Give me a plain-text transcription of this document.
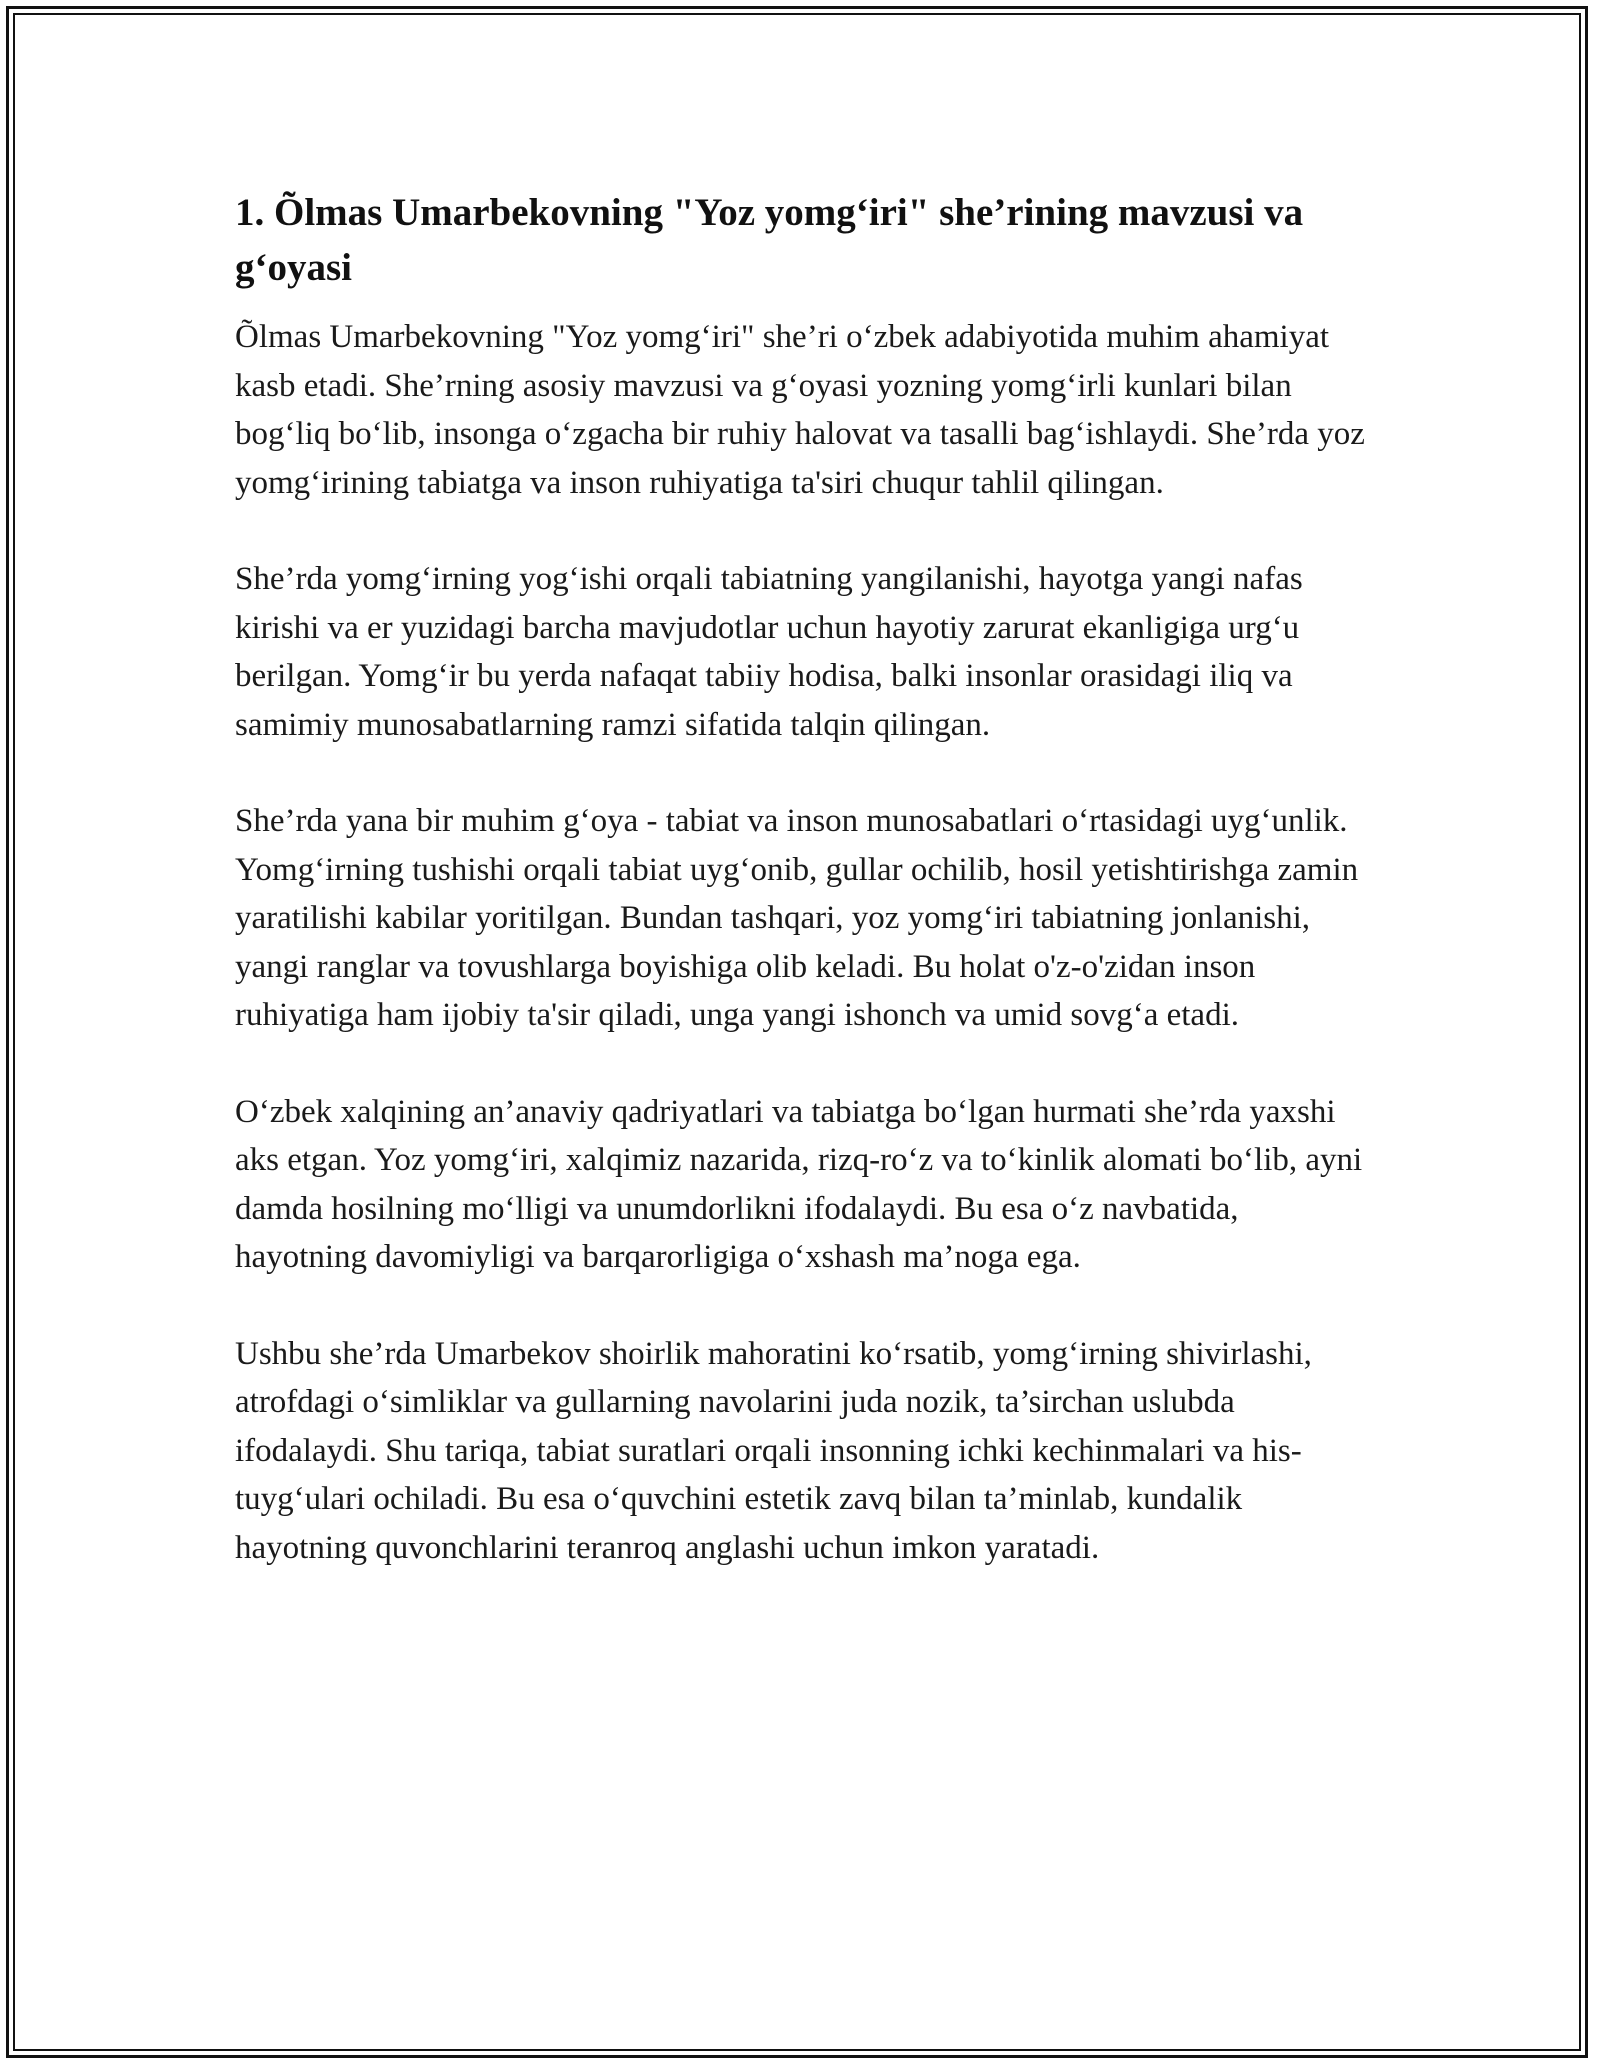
1. Õlmas Umarbekovning "Yoz yomg‘iri" she’rining mavzusi va g‘oyasi

Õlmas Umarbekovning "Yoz yomg‘iri" she’ri o‘zbek adabiyotida muhim ahamiyat kasb etadi. She’rning asosiy mavzusi va g‘oyasi yozning yomg‘irli kunlari bilan bog‘liq bo‘lib, insonga o‘zgacha bir ruhiy halovat va tasalli bag‘ishlaydi. She’rda yoz yomg‘irining tabiatga va inson ruhiyatiga ta'siri chuqur tahlil qilingan.

She’rda yomg‘irning yog‘ishi orqali tabiatning yangilanishi, hayotga yangi nafas kirishi va er yuzidagi barcha mavjudotlar uchun hayotiy zarurat ekanligiga urg‘u berilgan. Yomg‘ir bu yerda nafaqat tabiiy hodisa, balki insonlar orasidagi iliq va samimiy munosabatlarning ramzi sifatida talqin qilingan.

She’rda yana bir muhim g‘oya - tabiat va inson munosabatlari o‘rtasidagi uyg‘unlik. Yomg‘irning tushishi orqali tabiat uyg‘onib, gullar ochilib, hosil yetishtirishga zamin yaratilishi kabilar yoritilgan. Bundan tashqari, yoz yomg‘iri tabiatning jonlanishi, yangi ranglar va tovushlarga boyishiga olib keladi. Bu holat o'z-o'zidan inson ruhiyatiga ham ijobiy ta'sir qiladi, unga yangi ishonch va umid sovg‘a etadi.

O‘zbek xalqining an’anaviy qadriyatlari va tabiatga bo‘lgan hurmati she’rda yaxshi aks etgan. Yoz yomg‘iri, xalqimiz nazarida, rizq-ro‘z va to‘kinlik alomati bo‘lib, ayni damda hosilning mo‘lligi va unumdorlikni ifodalaydi. Bu esa o‘z navbatida, hayotning davomiyligi va barqarorligiga o‘xshash ma’noga ega.

Ushbu she’rda Umarbekov shoirlik mahoratini ko‘rsatib, yomg‘irning shivirlashi, atrofdagi o‘simliklar va gullarning navolarini juda nozik, ta’sirchan uslubda ifodalaydi. Shu tariqa, tabiat suratlari orqali insonning ichki kechinmalari va his-tuyg‘ulari ochiladi. Bu esa o‘quvchini estetik zavq bilan ta’minlab, kundalik hayotning quvonchlarini teranroq anglashi uchun imkon yaratadi.
